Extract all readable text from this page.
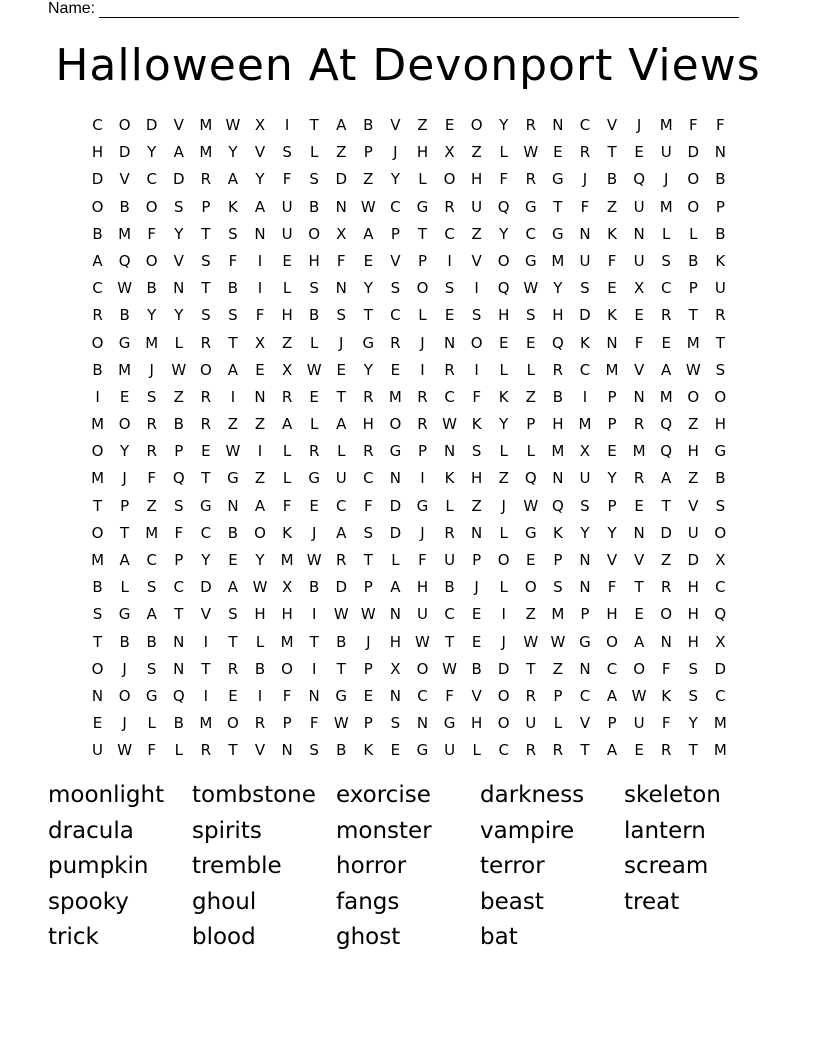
Name:
Halloween At Devonport Views
C	O	D	V	M W X	I	T	A	B	V	Z	E	O	Y	R	N	C	V	J	M	F	F
H	D	Y	A	M	Y	V	S	L	Z	P	J	H	X	Z	L	W E	R	T	E	U	D	N
D	V	C	D	R	A	Y	F	S	D	Z	Y	L	O	H	F	R	G	J	B	Q	J	O	B
O	B	O	S	P	K	A	U	B	N W C	G	R	U	Q	G	T	F	Z	U	M O	P
B	M	F	Y	T	S	N	U	O	X	A	P	T	C	Z	Y	C	G	N	K	N	L	L	B
A	Q	O	V	S	F	I	E	H	F	E	V	P	I	V	O	G M	U	F	U	S	B	K
C W B	N	T	B	I	L	S	N	Y	S	O	S	I	Q W	Y	S	E	X	C	P	U
R	B	Y	Y	S	S	F	H	B	S	T	C	L	E	S	H	S	H	D	K	E	R	T	R
O	G M	L	R	T	X	Z	L	J	G	R	J	N	O	E	E	Q	K	N	F	E	M	T
B	M	J	W O	A	E	X W E	Y	E	I	R	I	L	L	R	C	M	V	A W S
I	E	S	Z	R	I	N	R	E	T	R	M	R	C	F	K	Z	B	I	P	N M O	O
M O	R	B	R	Z	Z	A	L	A	H	O	R W K	Y	P	H M	P	R	Q	Z	H
O	Y	R	P	E W	I	L	R	L	R	G	P	N	S	L	L	M	X	E	M Q	H	G
M	J	F	Q	T	G	Z	L	G	U	C	N	I	K	H	Z	Q	N	U	Y	R	A	Z	B
T	P	Z	S	G	N	A	F	E	C	F	D	G	L	Z	J	W Q	S	P	E	T	V	S
O	T	M	F	C	B	O	K	J	A	S	D	J	R	N	L	G	K	Y	Y	N	D	U	O
M	A	C	P	Y	E	Y	M W R	T	L	F	U	P	O	E	P	N	V	V	Z	D	X
B	L	S	C	D	A W X	B	D	P	A	H	B	J	L	O	S	N	F	T	R	H	C
S	G	A	T	V	S	H	H	I	W W N	U	C	E	I	Z	M	P	H	E	O	H	Q
T	B	B	N	I	T	L	M	T	B	J	H W	T	E	J	W W G	O	A	N	H	X
O	J	S	N	T	R	B	O	I	T	P	X	O W B	D	T	Z	N	C	O	F	S	D
N	O	G	Q	I	E	I	F	N	G	E	N	C	F	V	O	R	P	C	A W K	S	C
E	J	L	B	M O	R	P	F	W	P	S	N	G	H	O	U	L	V	P	U	F	Y	M
U W	F	L	R	T	V	N	S	B	K	E	G	U	L	C	R	R	T	A	E	R	T	M
moonlight	tombstone exorcise	darkness	skeleton
dracula	spirits	monster	vampire	lantern
pumpkin	tremble	horror	terror	scream
spooky	ghoul	fangs	beast	treat
trick	blood	ghost	bat
